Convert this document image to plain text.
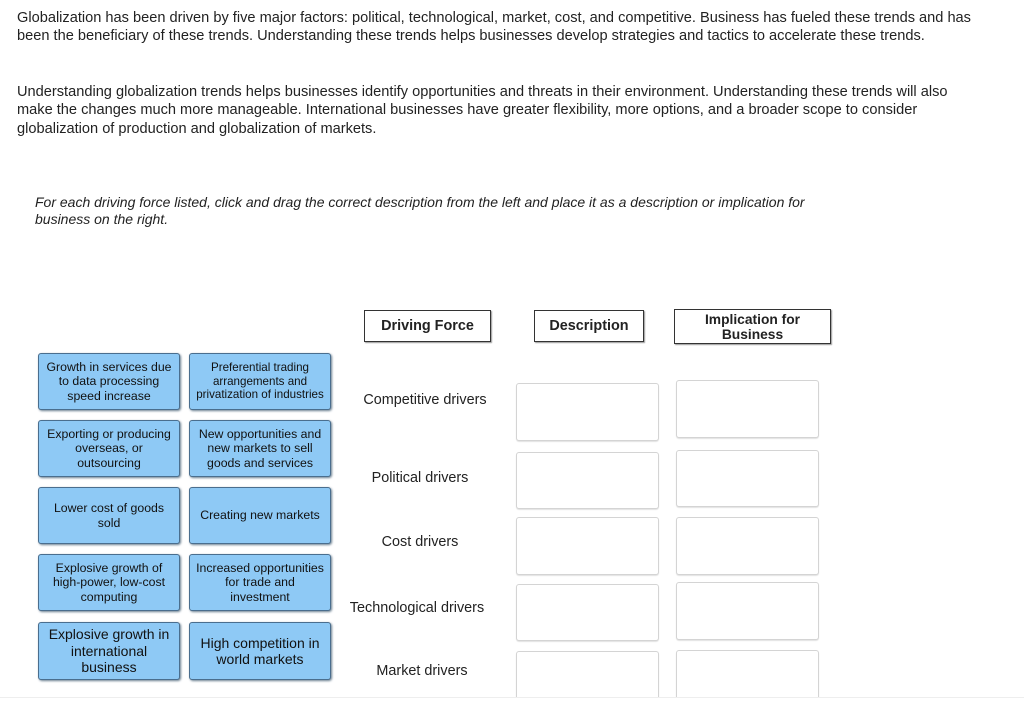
Globalization has been driven by five major factors: political, technological, market, cost, and competitive. Business has fueled these trends and has been the beneficiary of these trends. Understanding these trends helps businesses develop strategies and tactics to accelerate these trends.

Understanding globalization trends helps businesses identify opportunities and threats in their environment. Understanding these trends will also make the changes much more manageable. International businesses have greater flexibility, more options, and a broader scope to consider globalization of production and globalization of markets.

For each driving force listed, click and drag the correct description from the left and place it as a description or implication for business on the right.

Driving Force	Description	Implication for Business
Growth in services due to data processing speed increase
Preferential trading arrangements and privatization of industries
Exporting or producing overseas, or outsourcing
New opportunities and new markets to sell goods and services
Lower cost of goods sold
Creating new markets
Explosive growth of high-power, low-cost computing
Increased opportunities for trade and investment
Explosive growth in international business
High competition in world markets
Competitive drivers
Political drivers
Cost drivers
Technological drivers
Market drivers
